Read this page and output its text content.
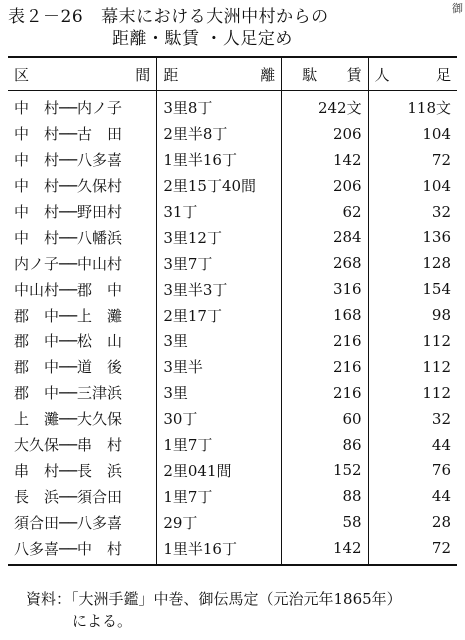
御
表２－26 幕末における大洲中村からの
距離・駄賃 ・人足定め
区 間	距 離	駄 賃	人 足

中　村──内ノ子	3里8丁	242文	118文
中　村──古　田	2里半8丁	206	104
中　村──八多喜	1里半16丁	142	72
中　村──久保村	2里15丁40間	206	104
中　村──野田村	31丁	62	32
中　村──八幡浜	3里12丁	284	136
内ノ子──中山村	3里7丁	268	128
中山村──郡　中	3里半3丁	316	154
郡　中──上　灘	2里17丁	168	98
郡　中──松　山	3里	216	112
郡　中──道　後	3里半	216	112
郡　中──三津浜	3里	216	112
上　灘──大久保	30丁	60	32
大久保──串　村	1里7丁	86	44
串　村──長　浜	2里041間	152	76
長　浜──須合田	1里7丁	88	44
須合田──八多喜	29丁	58	28
八多喜──中　村	1里半16丁	142	72
資料：「大洲手鑑」中巻、御伝馬定（元治元年1865年）
による。
